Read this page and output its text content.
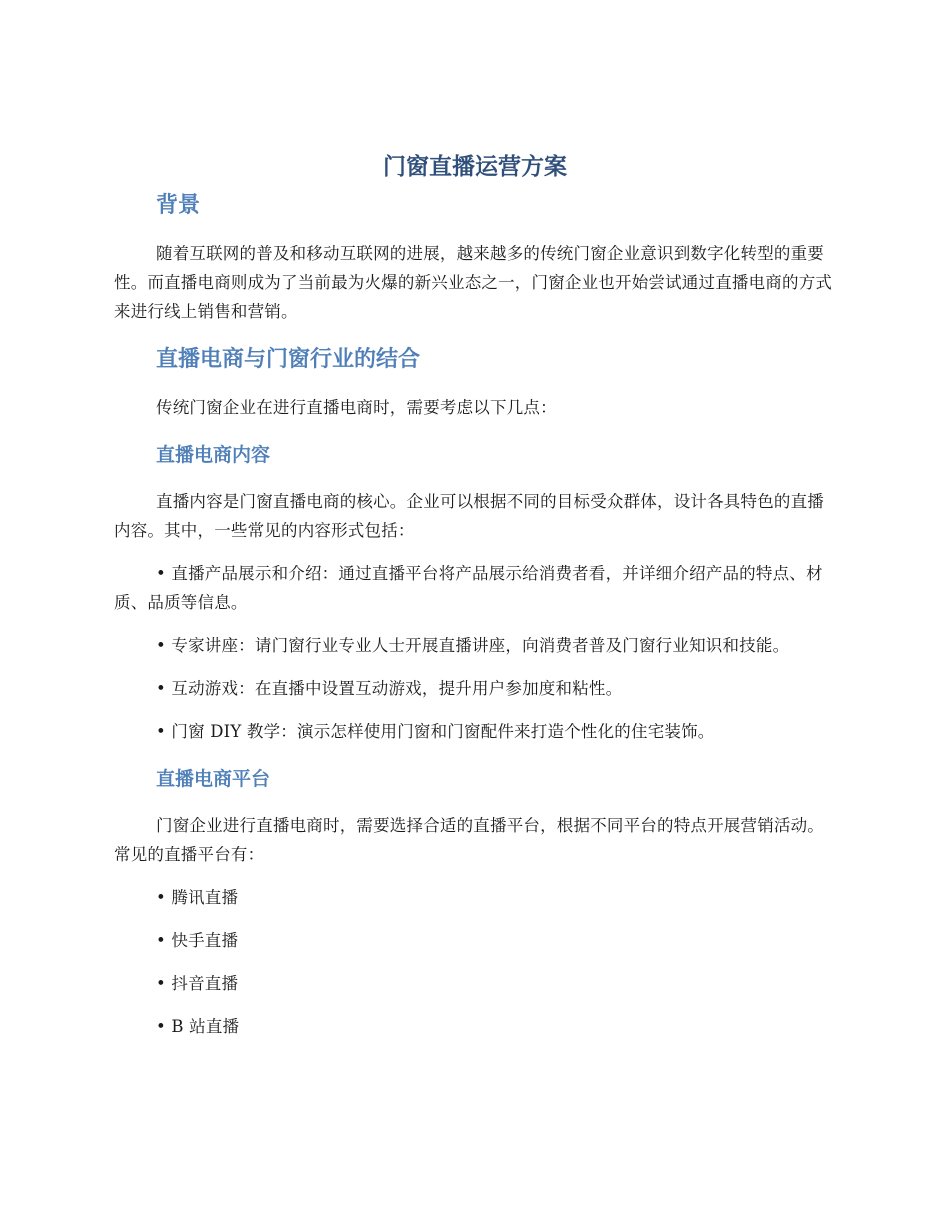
门窗直播运营方案
背景

随着互联网的普及和移动互联网的进展，越来越多的传统门窗企业意识到数字化转型的重要性。而直播电商则成为了当前最为火爆的新兴业态之一，门窗企业也开始尝试通过直播电商的方式来进行线上销售和营销。

直播电商与门窗行业的结合

传统门窗企业在进行直播电商时，需要考虑以下几点：

直播电商内容

直播内容是门窗直播电商的核心。企业可以根据不同的目标受众群体，设计各具特色的直播内容。其中，一些常见的内容形式包括：

• 直播产品展示和介绍：通过直播平台将产品展示给消费者看，并详细介绍产品的特点、材质、品质等信息。

• 专家讲座：请门窗行业专业人士开展直播讲座，向消费者普及门窗行业知识和技能。

• 互动游戏：在直播中设置互动游戏，提升用户参加度和粘性。

• 门窗 DIY 教学：演示怎样使用门窗和门窗配件来打造个性化的住宅装饰。

直播电商平台

门窗企业进行直播电商时，需要选择合适的直播平台，根据不同平台的特点开展营销活动。常见的直播平台有：

• 腾讯直播

• 快手直播

• 抖音直播

• B 站直播
